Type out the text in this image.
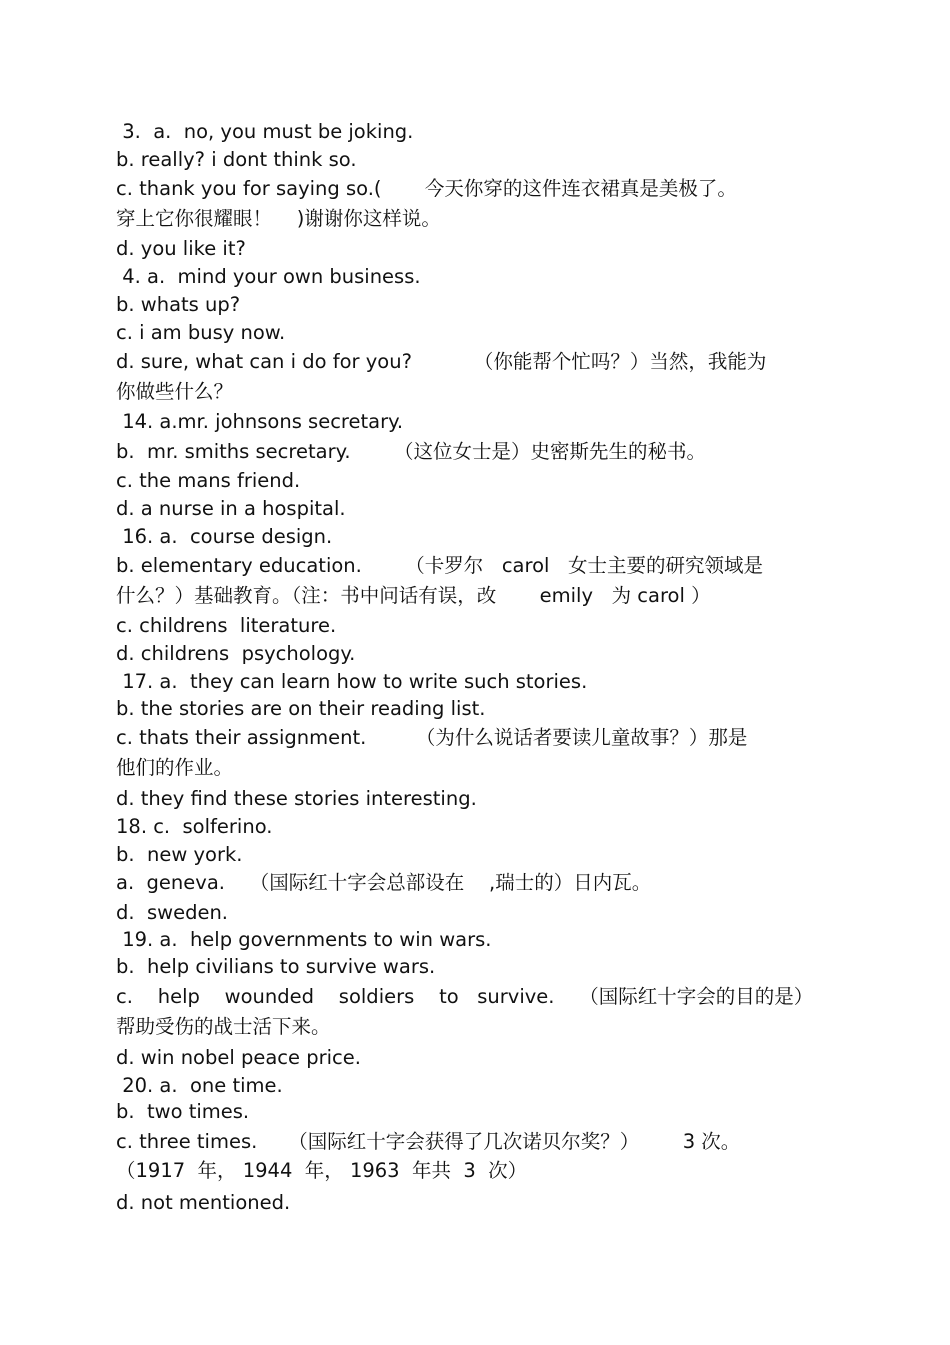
3.  a.  no, you must be joking.
b. really? i dont think so.
c. thank you for saying so.(       今天你穿的这件连衣裙真是美极了。
穿上它你很耀眼！    )谢谢你这样说。
d. you like it?
4. a.  mind your own business.
b. whats up?
c. i am busy now.
d. sure, what can i do for you?          （你能帮个忙吗？）当然，我能为
你做些什么？
14. a.mr. johnsons secretary.
b.  mr. smiths secretary.       （这位女士是）史密斯先生的秘书。
c. the mans friend.
d. a nurse in a hospital.
16. a.  course design.
b. elementary education.       （卡罗尔   carol   女士主要的研究领域是
什么？）基础教育。（注：书中问话有误，改       emily   为 carol ）
c. childrens  literature.
d. childrens  psychology.
17. a.  they can learn how to write such stories.
b. the stories are on their reading list.
c. thats their assignment.        （为什么说话者要读儿童故事？）那是
他们的作业。
d. they find these stories interesting.
18. c.  solferino.
b.  new york.
a.  geneva.    （国际红十字会总部设在    ,瑞士的）日内瓦。
d.  sweden.
19. a.  help governments to win wars.
b.  help civilians to survive wars.
c.    help    wounded    soldiers    to   survive.    （国际红十字会的目的是）
帮助受伤的战士活下来。
d. win nobel peace price.
20. a.  one time.
b.  two times.
c. three times.     （国际红十字会获得了几次诺贝尔奖？）       3 次。
（1917  年， 1944  年， 1963  年共  3  次）
d. not mentioned.
